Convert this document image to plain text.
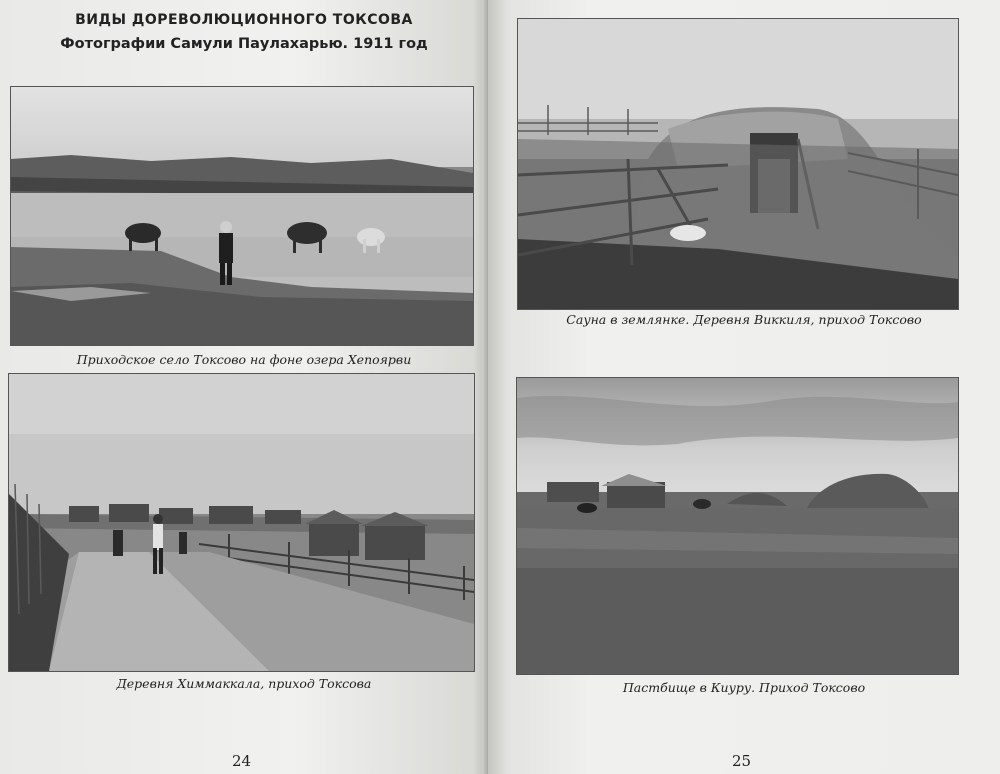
ВИДЫ ДОРЕВОЛЮЦИОННОГО ТОКСОВА
Фотографии Самули Паулахарью. 1911 год
Приходское село Токсово на фоне озера Хепоярви
Деревня Химмаккала, приход Токсова
24
Сауна в землянке. Деревня Виккиля, приход Токсово
Пастбище в Киуру. Приход Токсово
25
